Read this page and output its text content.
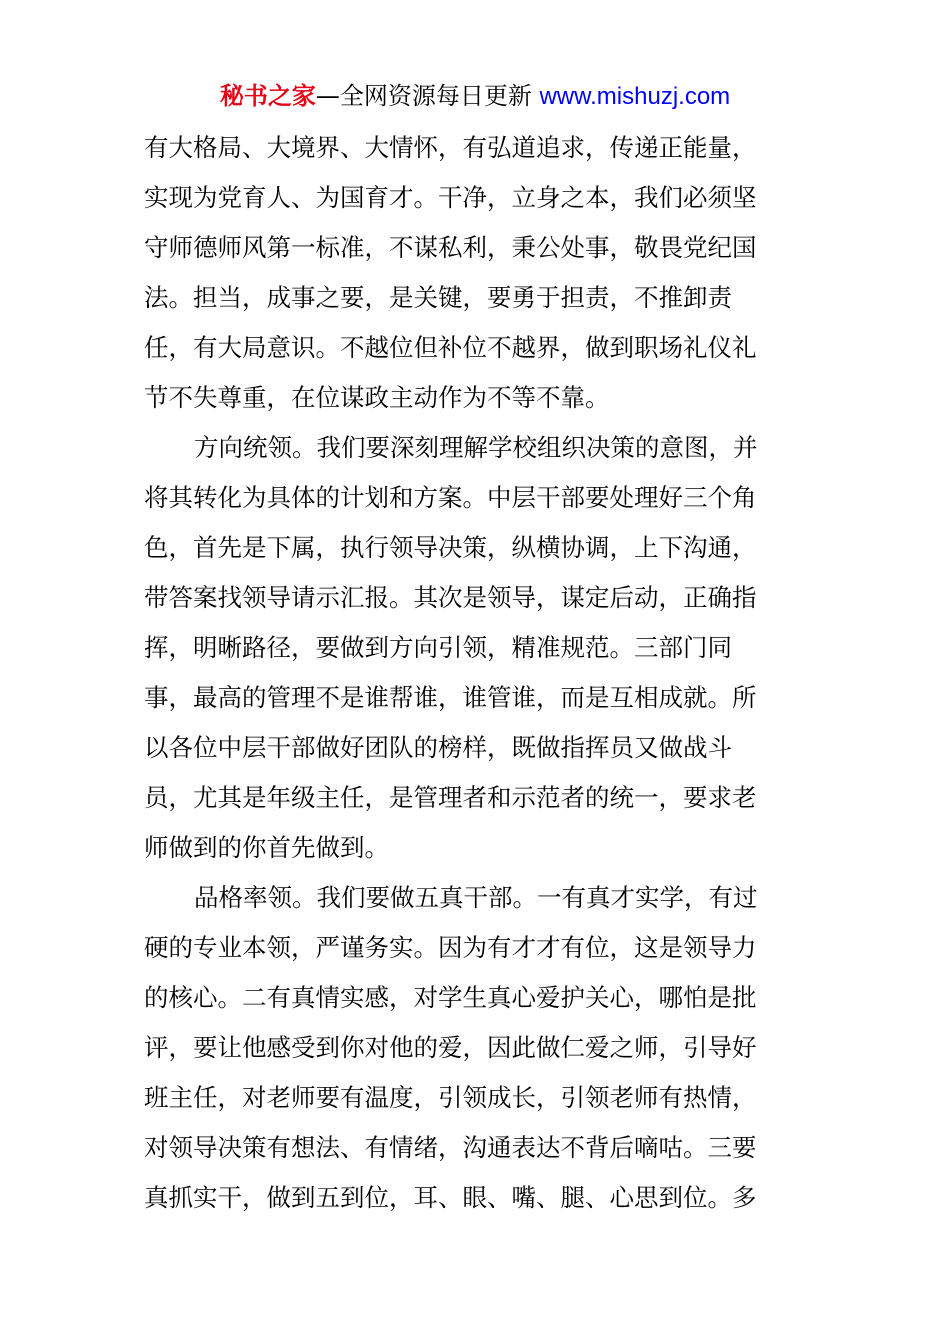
秘书之家—全网资源每日更新 www.mishuzj.com
有大格局、大境界、大情怀，有弘道追求，传递正能量，
实现为党育人、为国育才。干净，立身之本，我们必须坚
守师德师风第一标准，不谋私利，秉公处事，敬畏党纪国
法。担当，成事之要，是关键，要勇于担责，不推卸责
任，有大局意识。不越位但补位不越界，做到职场礼仪礼
节不失尊重，在位谋政主动作为不等不靠。
方向统领。我们要深刻理解学校组织决策的意图，并
将其转化为具体的计划和方案。中层干部要处理好三个角
色，首先是下属，执行领导决策，纵横协调，上下沟通，
带答案找领导请示汇报。其次是领导，谋定后动，正确指
挥，明晰路径，要做到方向引领，精准规范。三部门同
事，最高的管理不是谁帮谁，谁管谁，而是互相成就。所
以各位中层干部做好团队的榜样，既做指挥员又做战斗
员，尤其是年级主任，是管理者和示范者的统一，要求老
师做到的你首先做到。
品格率领。我们要做五真干部。一有真才实学，有过
硬的专业本领，严谨务实。因为有才才有位，这是领导力
的核心。二有真情实感，对学生真心爱护关心，哪怕是批
评，要让他感受到你对他的爱，因此做仁爱之师，引导好
班主任，对老师要有温度，引领成长，引领老师有热情，
对领导决策有想法、有情绪，沟通表达不背后嘀咕。三要
真抓实干，做到五到位，耳、眼、嘴、腿、心思到位。多
